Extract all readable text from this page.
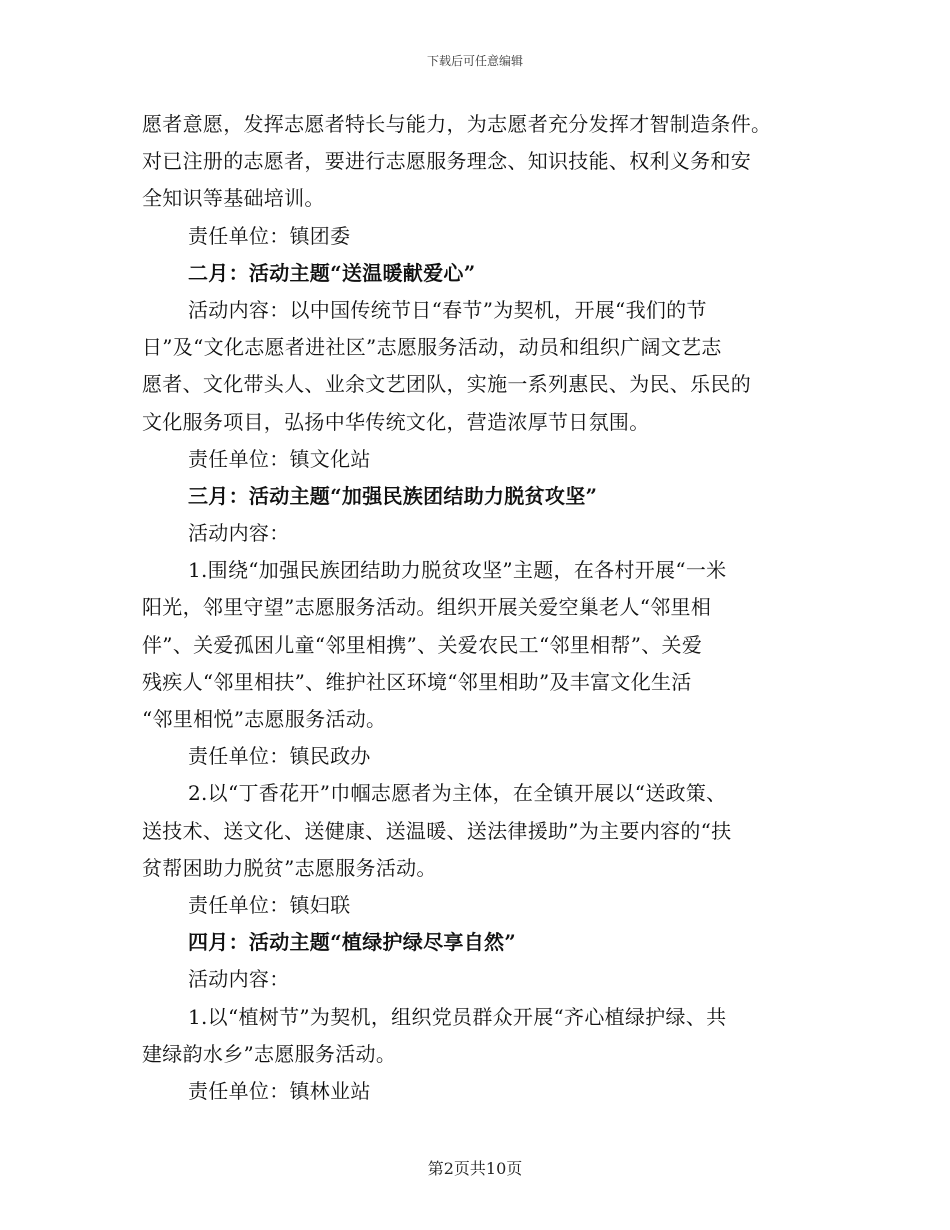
下载后可任意编辑
愿者意愿，发挥志愿者特长与能力，为志愿者充分发挥才智制造条件。
对已注册的志愿者，要进行志愿服务理念、知识技能、权利义务和安
全知识等基础培训。
责任单位：镇团委
二月：活动主题“送温暖献爱心”
活动内容：以中国传统节日“春节”为契机，开展“我们的节
日”及“文化志愿者进社区”志愿服务活动，动员和组织广阔文艺志
愿者、文化带头人、业余文艺团队，实施一系列惠民、为民、乐民的
文化服务项目，弘扬中华传统文化，营造浓厚节日氛围。
责任单位：镇文化站
三月：活动主题“加强民族团结助力脱贫攻坚”
活动内容：
1.围绕“加强民族团结助力脱贫攻坚”主题，在各村开展“一米
阳光，邻里守望”志愿服务活动。组织开展关爱空巢老人“邻里相
伴”、关爱孤困儿童“邻里相携”、关爱农民工“邻里相帮”、关爱
残疾人“邻里相扶”、维护社区环境“邻里相助”及丰富文化生活
“邻里相悦”志愿服务活动。
责任单位：镇民政办
2.以“丁香花开”巾帼志愿者为主体，在全镇开展以“送政策、
送技术、送文化、送健康、送温暖、送法律援助”为主要内容的“扶
贫帮困助力脱贫”志愿服务活动。
责任单位：镇妇联
四月：活动主题“植绿护绿尽享自然”
活动内容：
1.以“植树节”为契机，组织党员群众开展“齐心植绿护绿、共
建绿韵水乡”志愿服务活动。
责任单位：镇林业站
第2页共10页
